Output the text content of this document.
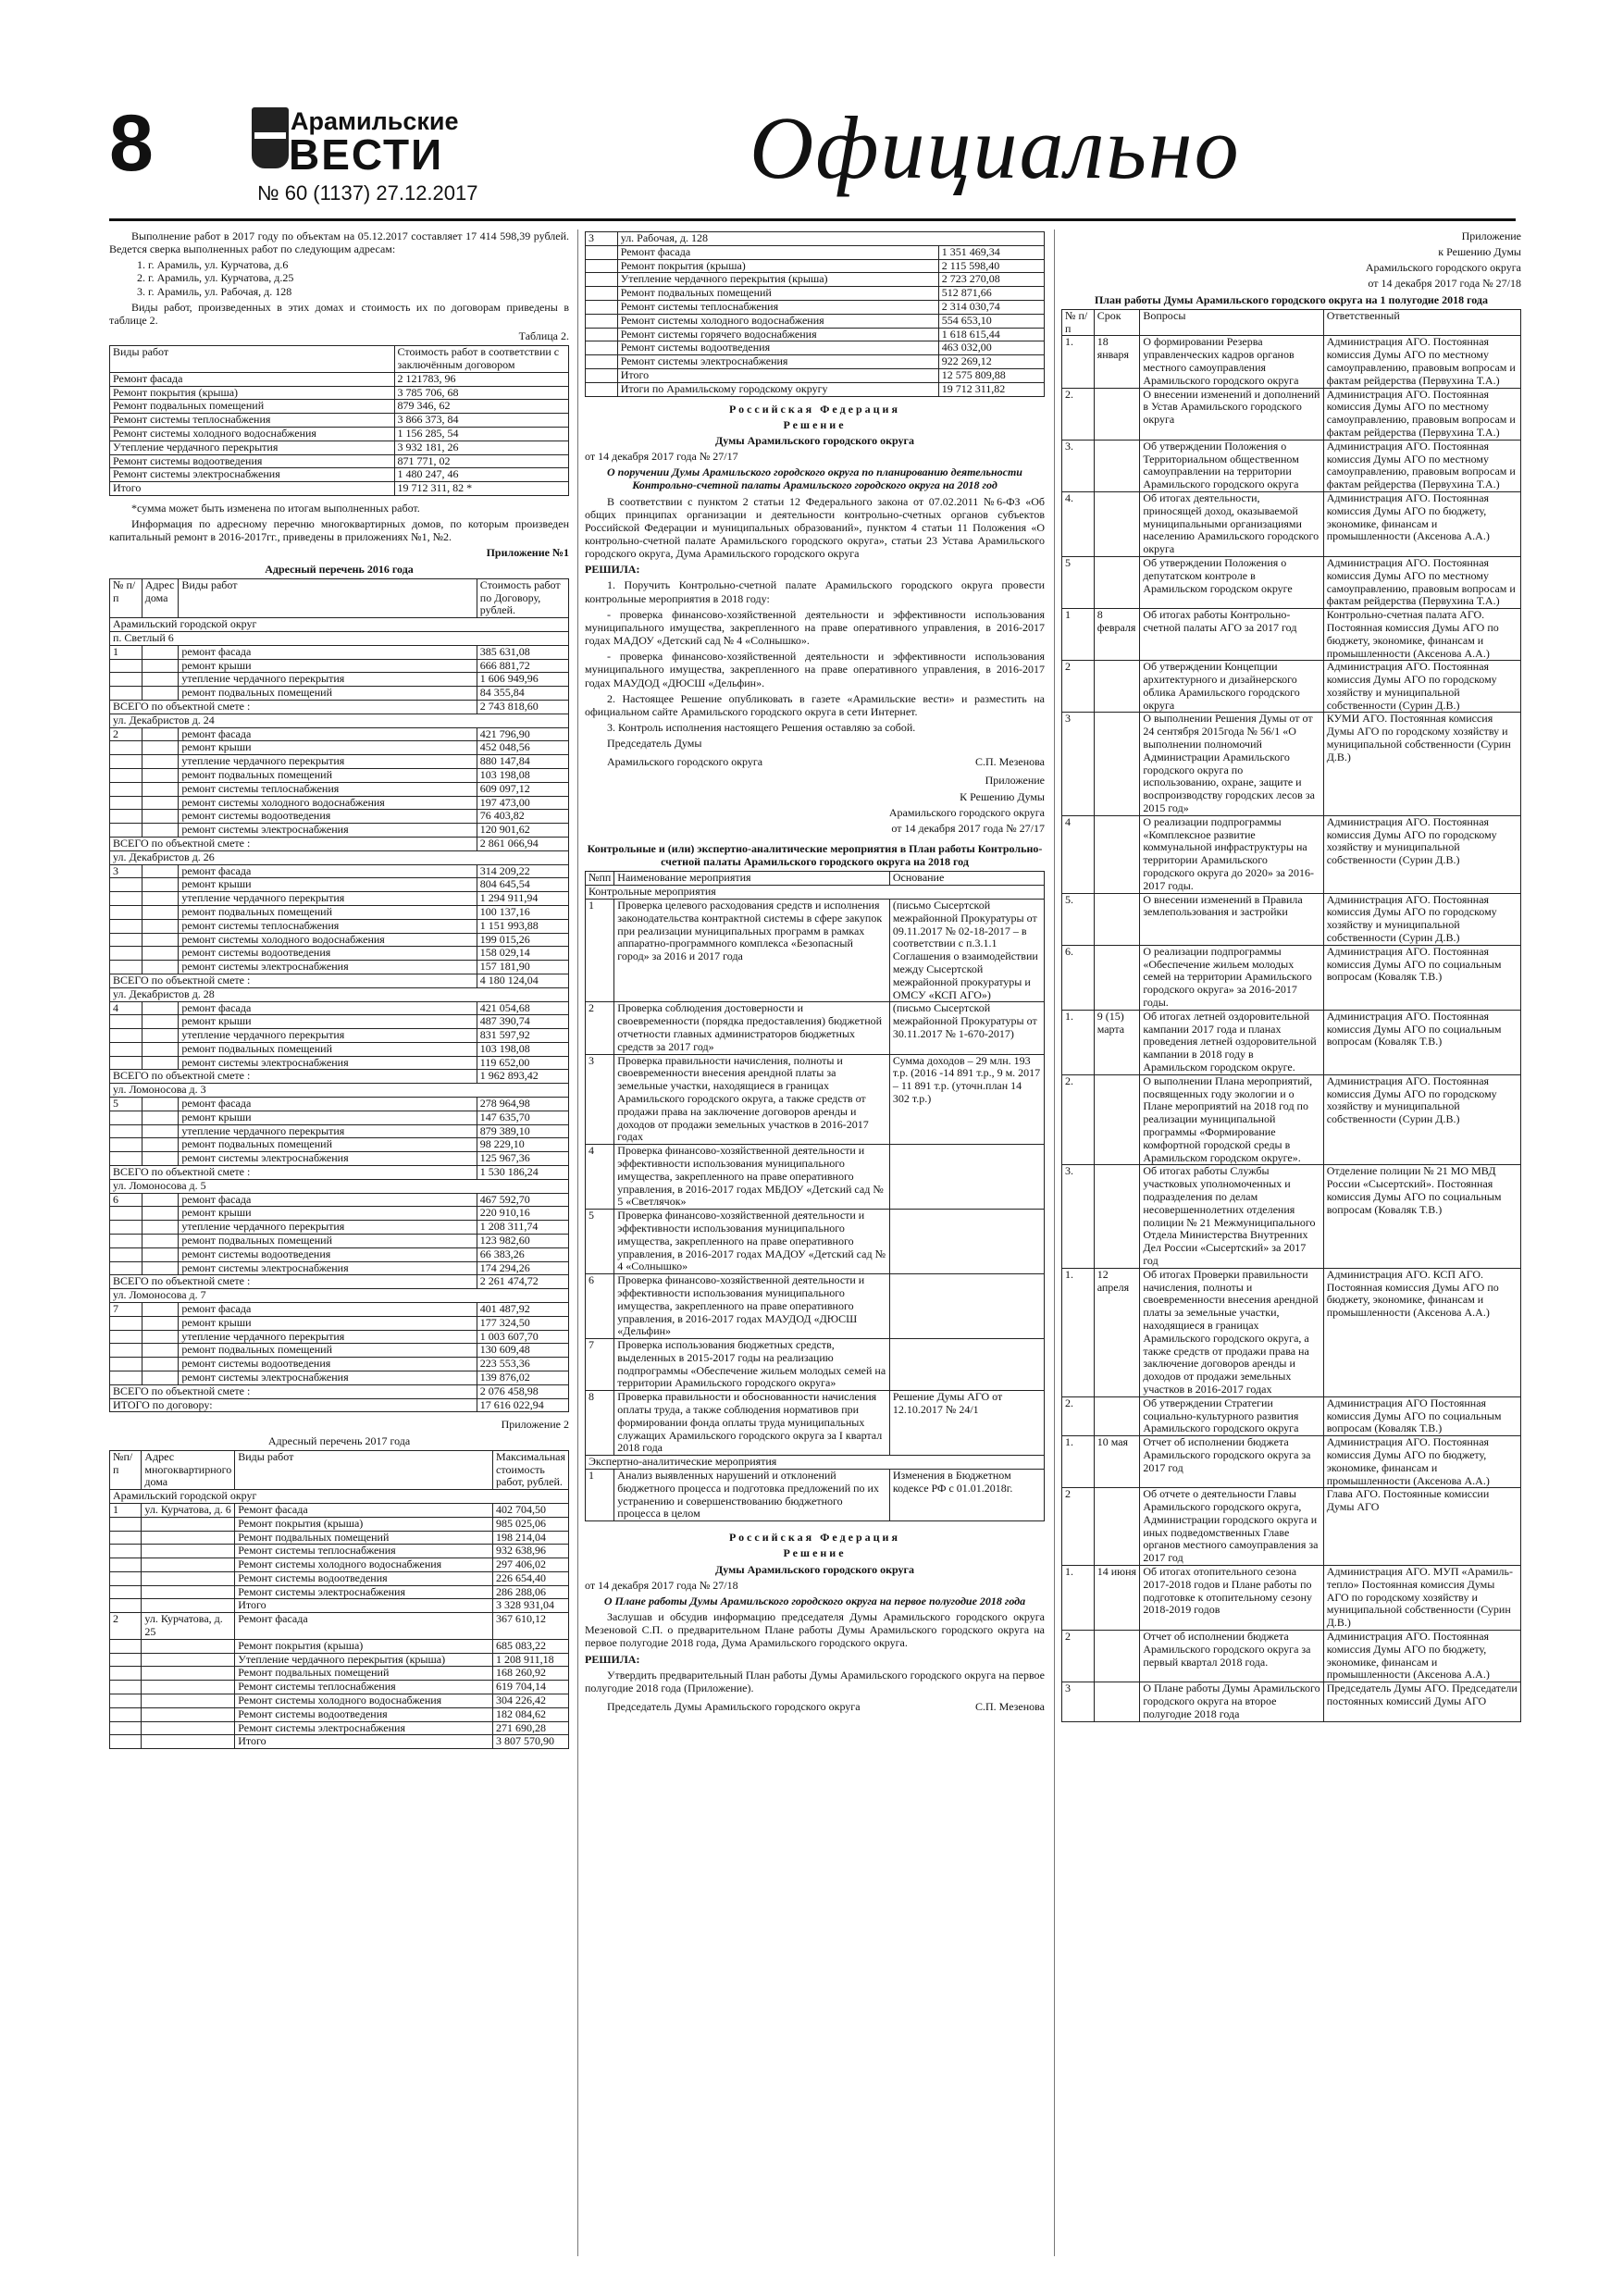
8	Арамильские
ВЕСТИ
№ 60 (1137) 27.12.2017	Официально

Выполнение работ в 2017 году по объектам на 05.12.2017 составляет 17 414 598,39 рублей. Ведется сверка выполненных работ по следующим адресам:

1. г. Арамиль, ул. Курчатова, д.6
2. г. Арамиль, ул. Курчатова, д.25
3. г. Арамиль, ул. Рабочая, д. 128

Виды работ, произведенных в этих домах и стоимость их по договорам приведены в таблице 2.

Таблица 2.

Виды работ	Стоимость работ в соответствии с заключённым договором
Ремонт фасада	2 121783, 96
Ремонт покрытия (крыша)	3 785 706, 68
Ремонт подвальных помещений	879 346, 62
Ремонт системы теплоснабжения	3 866 373, 84
Ремонт системы холодного водоснабжения	1 156 285, 54
Утепление чердачного перекрытия	3 932 181, 26
Ремонт системы водоотведения	871 771, 02
Ремонт системы электроснабжения	1 480 247, 46
Итого	19 712 311, 82 *

*сумма может быть изменена по итогам выполненных работ.

Информация по адресному перечню многоквартирных домов, по которым произведен капитальный ремонт в 2016-2017гг., приведены в приложениях №1, №2.

Приложение №1

Адресный перечень 2016 года

№ п/п	Адрес дома	Виды работ	Стоимость работ по Договору, рублей.
Арамильский городской округ			
п. Светлый 6			
1		ремонт фасада	385 631,08
		ремонт крыши	666 881,72
		утепление чердачного перекрытия	1 606 949,96
		ремонт подвальных помещений	84 355,84
ВСЕГО по объектной смете :			2 743 818,60
ул. Декабристов д. 24			
2		ремонт фасада	421 796,90
		ремонт крыши	452 048,56
		утепление чердачного перекрытия	880 147,84
		ремонт подвальных помещений	103 198,08
		ремонт системы теплоснабжения	609 097,12
		ремонт системы холодного водоснабжения	197 473,00
		ремонт системы водоотведения	76 403,82
		ремонт системы электроснабжения	120 901,62
ВСЕГО по объектной смете :			2 861 066,94
ул. Декабристов д. 26			
3		ремонт фасада	314 209,22
		ремонт крыши	804 645,54
		утепление чердачного перекрытия	1 294 911,94
		ремонт подвальных помещений	100 137,16
		ремонт системы теплоснабжения	1 151 993,88
		ремонт системы холодного водоснабжения	199 015,26
		ремонт системы водоотведения	158 029,14
		ремонт системы электроснабжения	157 181,90
ВСЕГО по объектной смете :			4 180 124,04
ул. Декабристов д. 28			
4		ремонт фасада	421 054,68
		ремонт крыши	487 390,74
		утепление чердачного перекрытия	831 597,92
		ремонт подвальных помещений	103 198,08
		ремонт системы электроснабжения	119 652,00
ВСЕГО по объектной смете :			1 962 893,42
ул. Ломоносова д. 3			
5		ремонт фасада	278 964,98
		ремонт крыши	147 635,70
		утепление чердачного перекрытия	879 389,10
		ремонт подвальных помещений	98 229,10
		ремонт системы электроснабжения	125 967,36
ВСЕГО по объектной смете :			1 530 186,24
ул. Ломоносова д. 5			
6		ремонт фасада	467 592,70
		ремонт крыши	220 910,16
		утепление чердачного перекрытия	1 208 311,74
		ремонт подвальных помещений	123 982,60
		ремонт системы водоотведения	66 383,26
		ремонт системы электроснабжения	174 294,26
ВСЕГО по объектной смете :			2 261 474,72
ул. Ломоносова д. 7			
7		ремонт фасада	401 487,92
		ремонт крыши	177 324,50
		утепление чердачного перекрытия	1 003 607,70
		ремонт подвальных помещений	130 609,48
		ремонт системы водоотведения	223 553,36
		ремонт системы электроснабжения	139 876,02
ВСЕГО по объектной смете :			2 076 458,98
ИТОГО по договору:			17 616 022,94

Приложение 2

Адресный перечень 2017 года

№п/п	Адрес многоквартирного дома	Виды работ	Максимальная стоимость работ, рублей.
Арамильский городской округ			
1	ул. Курчатова, д. 6	Ремонт фасада	402 704,50
		Ремонт покрытия (крыша)	985 025,06
		Ремонт подвальных помещений	198 214,04
		Ремонт системы теплоснабжения	932 638,96
		Ремонт системы холодного водоснабжения	297 406,02
		Ремонт системы водоотведения	226 654,40
		Ремонт системы электроснабжения	286 288,06
		Итого	3 328 931,04
2	ул. Курчатова, д. 25	Ремонт фасада	367 610,12
		Ремонт покрытия (крыша)	685 083,22
		Утепление чердачного перекрытия (крыша)	1 208 911,18
		Ремонт подвальных помещений	168 260,92
		Ремонт системы теплоснабжения	619 704,14
		Ремонт системы холодного водоснабжения	304 226,42
		Ремонт системы водоотведения	182 084,62
		Ремонт системы электроснабжения	271 690,28
		Итого	3 807 570,90
3	ул. Рабочая, д. 128	
	Ремонт фасада	1 351 469,34
	Ремонт покрытия (крыша)	2 115 598,40
	Утепление чердачного перекрытия (крыша)	2 723 270,08
	Ремонт подвальных помещений	512 871,66
	Ремонт системы теплоснабжения	2 314 030,74
	Ремонт системы холодного водоснабжения	554 653,10
	Ремонт системы горячего водоснабжения	1 618 615,44
	Ремонт системы водоотведения	463 032,00
	Ремонт системы электроснабжения	922 269,12
	Итого	12 575 809,88
	Итоги по Арамильскому городскому округу	19 712 311,82

Российская Федерация

Решение

Думы Арамильского городского округа

от 14 декабря 2017 года № 27/17

О поручении Думы Арамильского городского округа по планированию деятельности Контрольно-счетной палаты Арамильского городского округа на 2018 год

В соответствии с пунктом 2 статьи 12 Федерального закона от 07.02.2011 №6-ФЗ «Об общих принципах организации и деятельности контрольно-счетных органов субъектов Российской Федерации и муниципальных образований», пунктом 4 статьи 11 Положения «О контрольно-счетной палате Арамильского городского округа», статьи 23 Устава Арамильского городского округа, Дума Арамильского городского округа

РЕШИЛА:

1. Поручить Контрольно-счетной палате Арамильского городского округа провести контрольные мероприятия в 2018 году:

- проверка финансово-хозяйственной деятельности и эффективности использования муниципального имущества, закрепленного на праве оперативного управления, в 2016-2017 годах МАДОУ «Детский сад № 4 «Солнышко».

- проверка финансово-хозяйственной деятельности и эффективности использования муниципального имущества, закрепленного на праве оперативного управления, в 2016-2017 годах МАУДОД «ДЮСШ «Дельфин».

2. Настоящее Решение опубликовать в газете «Арамильские вести» и разместить на официальном сайте Арамильского городского округа в сети Интернет.

3. Контроль исполнения настоящего Решения оставляю за собой.

Председатель Думы

Арамильского городского округа	С.П. Мезенова

Приложение

К Решению Думы

Арамильского городского округа

от 14 декабря 2017 года № 27/17

Контрольные и (или) экспертно-аналитические мероприятия в План работы Контрольно-счетной палаты Арамильского городского округа на 2018 год

№пп	Наименование мероприятия	Основание
Контрольные мероприятия		
1	Проверка целевого расходования средств и исполнения законодательства контрактной системы в сфере закупок при реализации муниципальных программ в рамках аппаратно-программного комплекса «Безопасный город» за 2016 и 2017 года	(письмо Сысертской межрайонной Прокуратуры от 09.11.2017 № 02-18-2017 – в соответствии с п.3.1.1 Соглашения о взаимодействии между Сысертской межрайонной прокуратуры и ОМСУ «КСП АГО»)
2	Проверка соблюдения достоверности и своевременности (порядка предоставления) бюджетной отчетности главных администраторов бюджетных средств за 2017 год»	(письмо Сысертской межрайонной Прокуратуры от 30.11.2017 № 1-670-2017)
3	Проверка правильности начисления, полноты и своевременности внесения арендной платы за земельные участки, находящиеся в границах Арамильского городского округа, а также средств от продажи права на заключение договоров аренды и доходов от продажи земельных участков в 2016-2017 годах	Сумма доходов – 29 млн. 193 т.р. (2016 -14 891 т.р., 9 м. 2017 – 11 891 т.р. (уточн.план 14 302 т.р.)
4	Проверка финансово-хозяйственной деятельности и эффективности использования муниципального имущества, закрепленного на праве оперативного управления, в 2016-2017 годах МБДОУ «Детский сад № 5 «Светлячок»	
5	Проверка финансово-хозяйственной деятельности и эффективности использования муниципального имущества, закрепленного на праве оперативного управления, в 2016-2017 годах МАДОУ «Детский сад № 4 «Солнышко»	
6	Проверка финансово-хозяйственной деятельности и эффективности использования муниципального имущества, закрепленного на праве оперативного управления, в 2016-2017 годах МАУДОД «ДЮСШ «Дельфин»	
7	Проверка использования бюджетных средств, выделенных в 2015-2017 годы на реализацию подпрограммы «Обеспечение жильем молодых семей на территории Арамильского городского округа»	
8	Проверка правильности и обоснованности начисления оплаты труда, а также соблюдения нормативов при формировании фонда оплаты труда муниципальных служащих Арамильского городского округа за I квартал 2018 года	Решение Думы АГО от 12.10.2017 № 24/1
Экспертно-аналитические мероприятия		
1	Анализ выявленных нарушений и отклонений бюджетного процесса и подготовка предложений по их устранению и совершенствованию бюджетного процесса в целом	Изменения в Бюджетном кодексе РФ с 01.01.2018г.

Российская Федерация

Решение

Думы Арамильского городского округа

от 14 декабря 2017 года № 27/18

О Плане работы Думы Арамильского городского округа на первое полугодие 2018 года

Заслушав и обсудив информацию председателя Думы Арамильского городского округа Мезеновой С.П. о предварительном Плане работы Думы Арамильского городского округа на первое полугодие 2018 года, Дума Арамильского городского округа.

РЕШИЛА:

Утвердить предварительный План работы Думы Арамильского городского округа на первое полугодие 2018 года (Приложение).

Председатель Думы Арамильского городского округа	С.П. Мезенова

Приложение

к Решению Думы

Арамильского городского округа

от 14 декабря 2017 года № 27/18

План работы Думы Арамильского городского округа на 1 полугодие 2018 года

№ п/п	Срок	Вопросы	Ответственный
1.	18 января	О формировании Резерва управленческих кадров органов местного самоуправления Арамильского городского округа	Администрация АГО. Постоянная комиссия Думы АГО по местному самоуправлению, правовым вопросам и фактам рейдерства (Первухина Т.А.)
2.		О внесении изменений и дополнений в Устав Арамильского городского округа	Администрация АГО. Постоянная комиссия Думы АГО по местному самоуправлению, правовым вопросам и фактам рейдерства (Первухина Т.А.)
3.		Об утверждении Положения о Территориальном общественном самоуправлении на территории Арамильского городского округа	Администрация АГО. Постоянная комиссия Думы АГО по местному самоуправлению, правовым вопросам и фактам рейдерства (Первухина Т.А.)
4.		Об итогах деятельности, приносящей доход, оказываемой муниципальными организациями населению Арамильского городского округа	Администрация АГО. Постоянная комиссия Думы АГО по бюджету, экономике, финансам и промышленности (Аксенова А.А.)
5		Об утверждении Положения о депутатском контроле в Арамильском городском округе	Администрация АГО. Постоянная комиссия Думы АГО по местному самоуправлению, правовым вопросам и фактам рейдерства (Первухина Т.А.)
1	8 февраля	Об итогах работы Контрольно-счетной палаты АГО за 2017 год	Контрольно-счетная палата АГО. Постоянная комиссия Думы АГО по бюджету, экономике, финансам и промышленности (Аксенова А.А.)
2		Об утверждении Концепции архитектурного и дизайнерского облика Арамильского городского округа	Администрация АГО. Постоянная комиссия Думы АГО по городскому хозяйству и муниципальной собственности (Сурин Д.В.)
3		О выполнении Решения Думы от от 24 сентября 2015года № 56/1 «О выполнении полномочий Администрации Арамильского городского округа по использованию, охране, защите и воспроизводству городских лесов за 2015 год»	КУМИ АГО. Постоянная комиссия Думы АГО по городскому хозяйству и муниципальной собственности (Сурин Д.В.)
4		О реализации подпрограммы «Комплексное развитие коммунальной инфраструктуры на территории Арамильского городского округа до 2020» за 2016-2017 годы.	Администрация АГО. Постоянная комиссия Думы АГО по городскому хозяйству и муниципальной собственности (Сурин Д.В.)
5.		О внесении изменений в Правила землепользования и застройки	Администрация АГО. Постоянная комиссия Думы АГО по городскому хозяйству и муниципальной собственности (Сурин Д.В.)
6.		О реализации подпрограммы «Обеспечение жильем молодых семей на территории Арамильского городского округа» за 2016-2017 годы.	Администрация АГО. Постоянная комиссия Думы АГО по социальным вопросам (Коваляк Т.В.)
1.	9 (15) марта	Об итогах летней оздоровительной кампании 2017 года и планах проведения летней оздоровительной кампании в 2018 году в Арамильском городском округе.	Администрация АГО. Постоянная комиссия Думы АГО по социальным вопросам (Коваляк Т.В.)
2.		О выполнении Плана мероприятий, посвященных году экологии и о Плане мероприятий на 2018 год по реализации муниципальной программы «Формирование комфортной городской среды в Арамильском городском округе».	Администрация АГО. Постоянная комиссия Думы АГО по городскому хозяйству и муниципальной собственности (Сурин Д.В.)
3.		Об итогах работы Службы участковых уполномоченных и подразделения по делам несовершеннолетних отделения полиции № 21 Межмуниципального Отдела Министерства Внутренних Дел России «Сысертский» за 2017 год	Отделение полиции № 21 МО МВД России «Сысертский». Постоянная комиссия Думы АГО по социальным вопросам (Коваляк Т.В.)
1.	12 апреля	Об итогах Проверки правильности начисления, полноты и своевременности внесения арендной платы за земельные участки, находящиеся в границах Арамильского городского округа, а также средств от продажи права на заключение договоров аренды и доходов от продажи земельных участков в 2016-2017 годах	Администрация АГО. КСП АГО. Постоянная комиссия Думы АГО по бюджету, экономике, финансам и промышленности (Аксенова А.А.)
2.		Об утверждении Стратегии социально-культурного развития Арамильского городского округа	Администрация АГО Постоянная комиссия Думы АГО по социальным вопросам (Коваляк Т.В.)
1.	10 мая	Отчет об исполнении бюджета Арамильского городского округа за 2017 год	Администрация АГО. Постоянная комиссия Думы АГО по бюджету, экономике, финансам и промышленности (Аксенова А.А.)
2		Об отчете о деятельности Главы Арамильского городского округа, Администрации городского округа и иных подведомственных Главе органов местного самоуправления за 2017 год	Глава АГО. Постоянные комиссии Думы АГО
1.	14 июня	Об итогах отопительного сезона 2017-2018 годов и Плане работы по подготовке к отопительному сезону 2018-2019 годов	Администрация АГО. МУП «Арамиль-тепло» Постоянная комиссия Думы АГО по городскому хозяйству и муниципальной собственности (Сурин Д.В.)
2		Отчет об исполнении бюджета Арамильского городского округа за первый квартал 2018 года.	Администрация АГО. Постоянная комиссия Думы АГО по бюджету, экономике, финансам и промышленности (Аксенова А.А.)
3		О Плане работы Думы Арамильского городского округа на второе полугодие 2018 года	Председатель Думы АГО. Председатели постоянных комиссий Думы АГО
